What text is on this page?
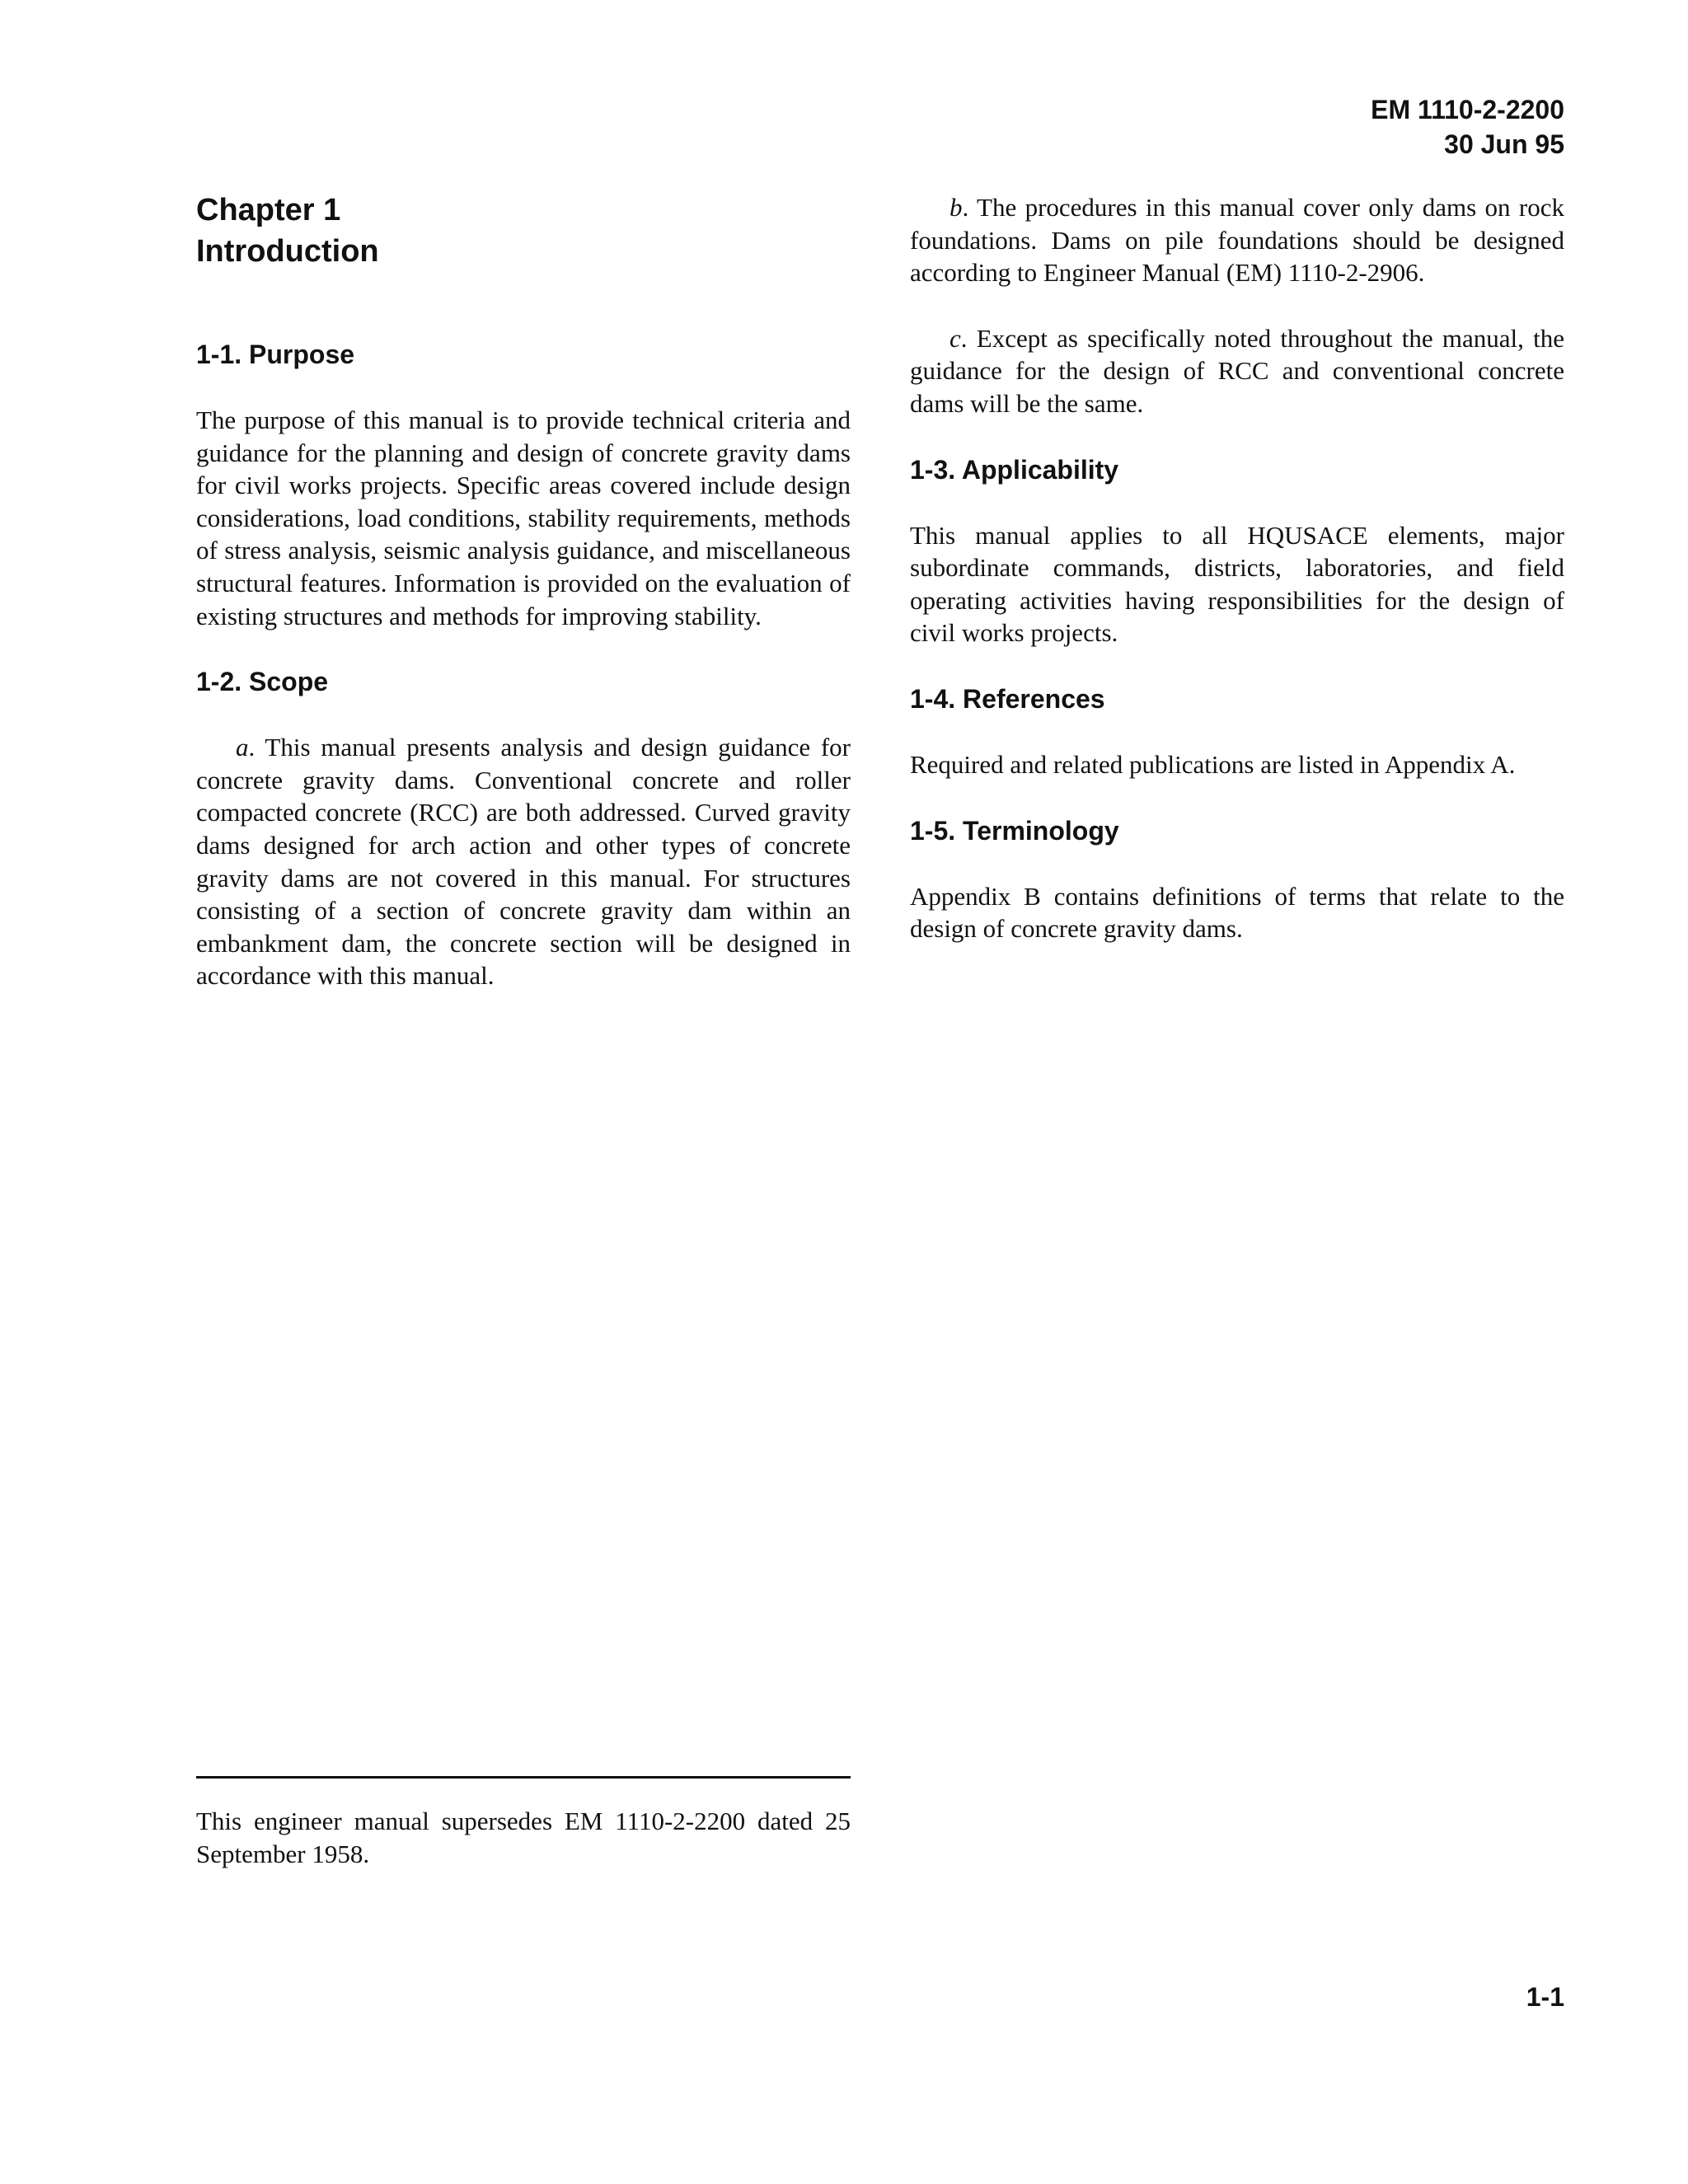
EM 1110-2-2200
30 Jun 95
Chapter 1
Introduction
1-1. Purpose

The purpose of this manual is to provide technical criteria and guidance for the planning and design of concrete gravity dams for civil works projects. Specific areas covered include design considerations, load conditions, stability requirements, methods of stress analysis, seismic analysis guidance, and miscellaneous structural features. Information is provided on the evaluation of existing structures and methods for improving stability.

1-2. Scope

a. This manual presents analysis and design guidance for concrete gravity dams. Conventional concrete and roller compacted concrete (RCC) are both addressed. Curved gravity dams designed for arch action and other types of concrete gravity dams are not covered in this manual. For structures consisting of a section of concrete gravity dam within an embankment dam, the concrete section will be designed in accordance with this manual.

b. The procedures in this manual cover only dams on rock foundations. Dams on pile foundations should be designed according to Engineer Manual (EM) 1110-2-2906.

c. Except as specifically noted throughout the manual, the guidance for the design of RCC and conventional concrete dams will be the same.

1-3. Applicability

This manual applies to all HQUSACE elements, major subordinate commands, districts, laboratories, and field operating activities having responsibilities for the design of civil works projects.

1-4. References

Required and related publications are listed in Appendix A.

1-5. Terminology

Appendix B contains definitions of terms that relate to the design of concrete gravity dams.

This engineer manual supersedes EM 1110-2-2200 dated 25 September 1958.

1-1
